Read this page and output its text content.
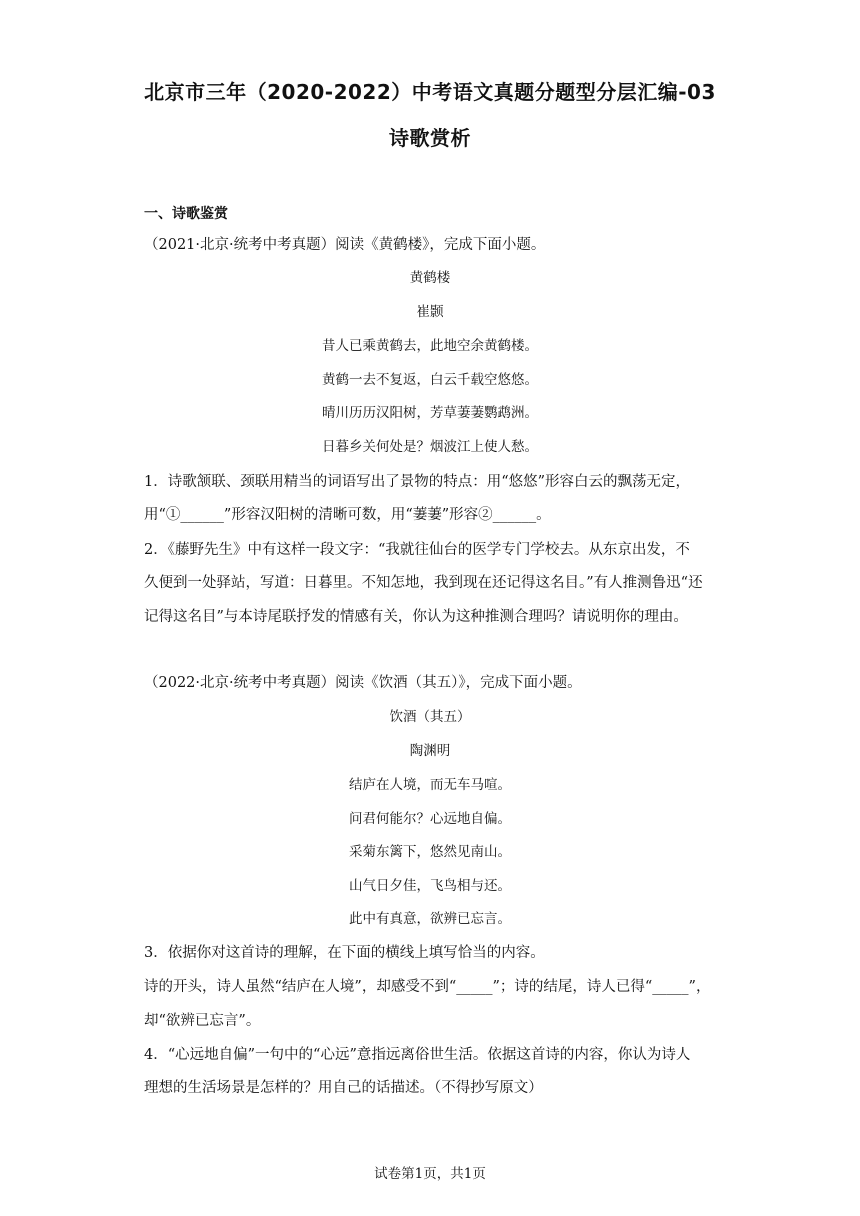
北京市三年（2020-2022）中考语文真题分题型分层汇编-03
诗歌赏析
一、诗歌鉴赏
（2021·北京·统考中考真题）阅读《黄鹤楼》，完成下面小题。
黄鹤楼
崔颢
昔人已乘黄鹤去，此地空余黄鹤楼。
黄鹤一去不复返，白云千载空悠悠。
晴川历历汉阳树，芳草萋萋鹦鹉洲。
日暮乡关何处是？烟波江上使人愁。
1．诗歌颔联、颈联用精当的词语写出了景物的特点：用“悠悠”形容白云的飘荡无定，
用“①______”形容汉阳树的清晰可数，用“萋萋”形容②______。
2．《藤野先生》中有这样一段文字：“我就往仙台的医学专门学校去。从东京出发，不
久便到一处驿站，写道：日暮里。不知怎地，我到现在还记得这名目。”有人推测鲁迅“还
记得这名目”与本诗尾联抒发的情感有关，你认为这种推测合理吗？请说明你的理由。
（2022·北京·统考中考真题）阅读《饮酒（其五）》，完成下面小题。
饮酒（其五）
陶渊明
结庐在人境，而无车马喧。
问君何能尔？心远地自偏。
采菊东篱下，悠然见南山。
山气日夕佳，飞鸟相与还。
此中有真意，欲辨已忘言。
3．依据你对这首诗的理解，在下面的横线上填写恰当的内容。
诗的开头，诗人虽然“结庐在人境”，却感受不到“_____”；诗的结尾，诗人已得“_____”，
却“欲辨已忘言”。
4．“心远地自偏”一句中的“心远”意指远离俗世生活。依据这首诗的内容，你认为诗人
理想的生活场景是怎样的？用自己的话描述。（不得抄写原文）
试卷第1页，共1页
